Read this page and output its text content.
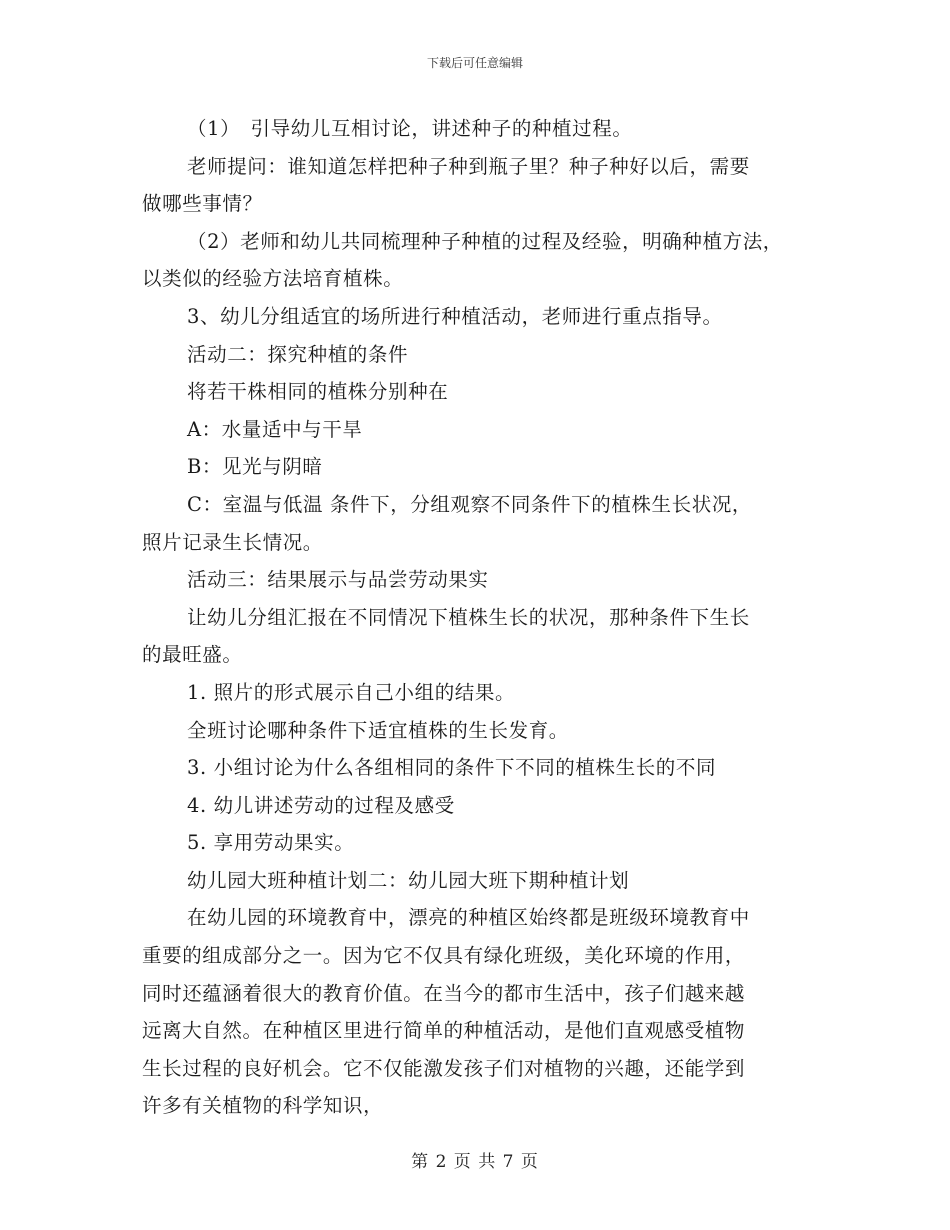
下载后可任意编辑
（1）　引导幼儿互相讨论，讲述种子的种植过程。
老师提问：谁知道怎样把种子种到瓶子里？种子种好以后，需要
做哪些事情？
（2）老师和幼儿共同梳理种子种植的过程及经验，明确种植方法，
以类似的经验方法培育植株。
3、幼儿分组适宜的场所进行种植活动，老师进行重点指导。
活动二：探究种植的条件
将若干株相同的植株分别种在
A：水量适中与干旱
B：见光与阴暗
C：室温与低温 条件下，分组观察不同条件下的植株生长状况，
照片记录生长情况。
活动三：结果展示与品尝劳动果实
让幼儿分组汇报在不同情况下植株生长的状况，那种条件下生长
的最旺盛。
1. 照片的形式展示自己小组的结果。
全班讨论哪种条件下适宜植株的生长发育。
3. 小组讨论为什么各组相同的条件下不同的植株生长的不同
4. 幼儿讲述劳动的过程及感受
5. 享用劳动果实。
幼儿园大班种植计划二：幼儿园大班下期种植计划
在幼儿园的环境教育中，漂亮的种植区始终都是班级环境教育中
重要的组成部分之一。因为它不仅具有绿化班级，美化环境的作用，
同时还蕴涵着很大的教育价值。在当今的都市生活中，孩子们越来越
远离大自然。在种植区里进行简单的种植活动，是他们直观感受植物
生长过程的良好机会。它不仅能激发孩子们对植物的兴趣，还能学到
许多有关植物的科学知识，
第 2 页 共 7 页
